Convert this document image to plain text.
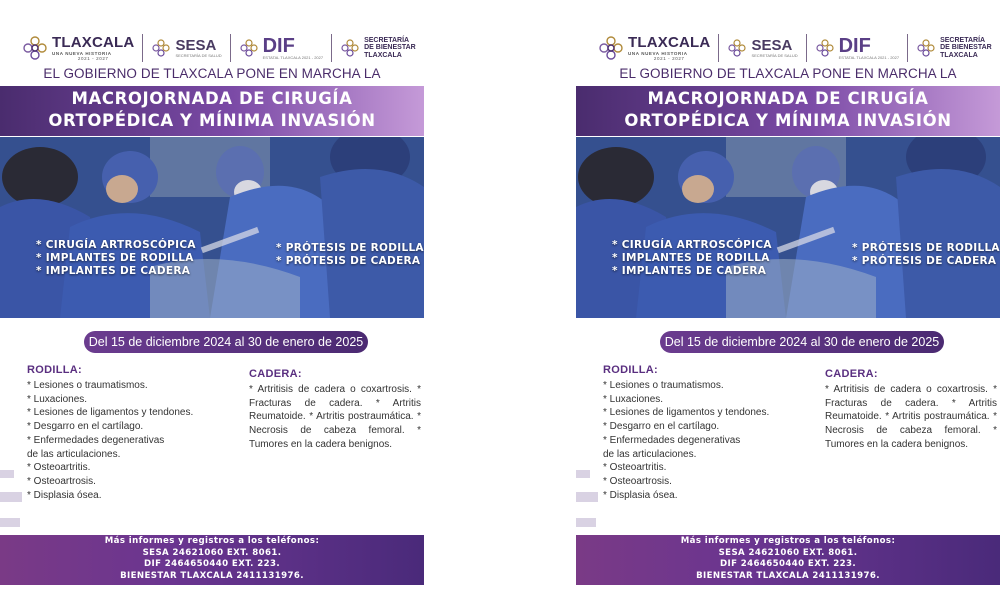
TLAXCALA
UNA NUEVA HISTORIA
2021 - 2027
SESA
SECRETARÍA DE SALUD DIF
ESTATAL TLAXCALA 2021 - 2027
SECRETARÍA
DE BIENESTAR
TLAXCALA
EL GOBIERNO DE TLAXCALA PONE EN MARCHA LA
MACROJORNADA DE CIRUGÍA
ORTOPÉDICA Y MÍNIMA INVASIÓN
* CIRUGÍA ARTROSCÓPICA
* IMPLANTES DE RODILLA
* IMPLANTES DE CADERA
* PRÓTESIS DE RODILLA
* PRÓTESIS DE CADERA
Del 15 de diciembre 2024 al 30 de enero de 2025
RODILLA:
* Lesiones o traumatismos.
* Luxaciones.
* Lesiones de ligamentos y tendones.
* Desgarro en el cartílago.
* Enfermedades degenerativas
de las articulaciones.
* Osteoartritis.
* Osteoartrosis.
* Displasia ósea.
CADERA:
* Artritisis de cadera o coxartrosis. * Fracturas de cadera. * Artritis Reumatoide. * Artritis postraumática. * Necrosis de cabeza femoral. * Tumores en la cadera benignos.
Más informes y registros a los teléfonos:
SESA 24621060 EXT. 8061.
DIF 2464650440 EXT. 223.
BIENESTAR TLAXCALA 2411131976.
TLAXCALA
UNA NUEVA HISTORIA
2021 - 2027
SESA
SECRETARÍA DE SALUD DIF
ESTATAL TLAXCALA 2021 - 2027
SECRETARÍA
DE BIENESTAR
TLAXCALA
EL GOBIERNO DE TLAXCALA PONE EN MARCHA LA
MACROJORNADA DE CIRUGÍA
ORTOPÉDICA Y MÍNIMA INVASIÓN
* CIRUGÍA ARTROSCÓPICA
* IMPLANTES DE RODILLA
* IMPLANTES DE CADERA
* PRÓTESIS DE RODILLA
* PRÓTESIS DE CADERA
Del 15 de diciembre 2024 al 30 de enero de 2025
RODILLA:
* Lesiones o traumatismos.
* Luxaciones.
* Lesiones de ligamentos y tendones.
* Desgarro en el cartílago.
* Enfermedades degenerativas
de las articulaciones.
* Osteoartritis.
* Osteoartrosis.
* Displasia ósea.
CADERA:
* Artritisis de cadera o coxartrosis. * Fracturas de cadera. * Artritis Reumatoide. * Artritis postraumática. * Necrosis de cabeza femoral. * Tumores en la cadera benignos.
Más informes y registros a los teléfonos:
SESA 24621060 EXT. 8061.
DIF 2464650440 EXT. 223.
BIENESTAR TLAXCALA 2411131976.
